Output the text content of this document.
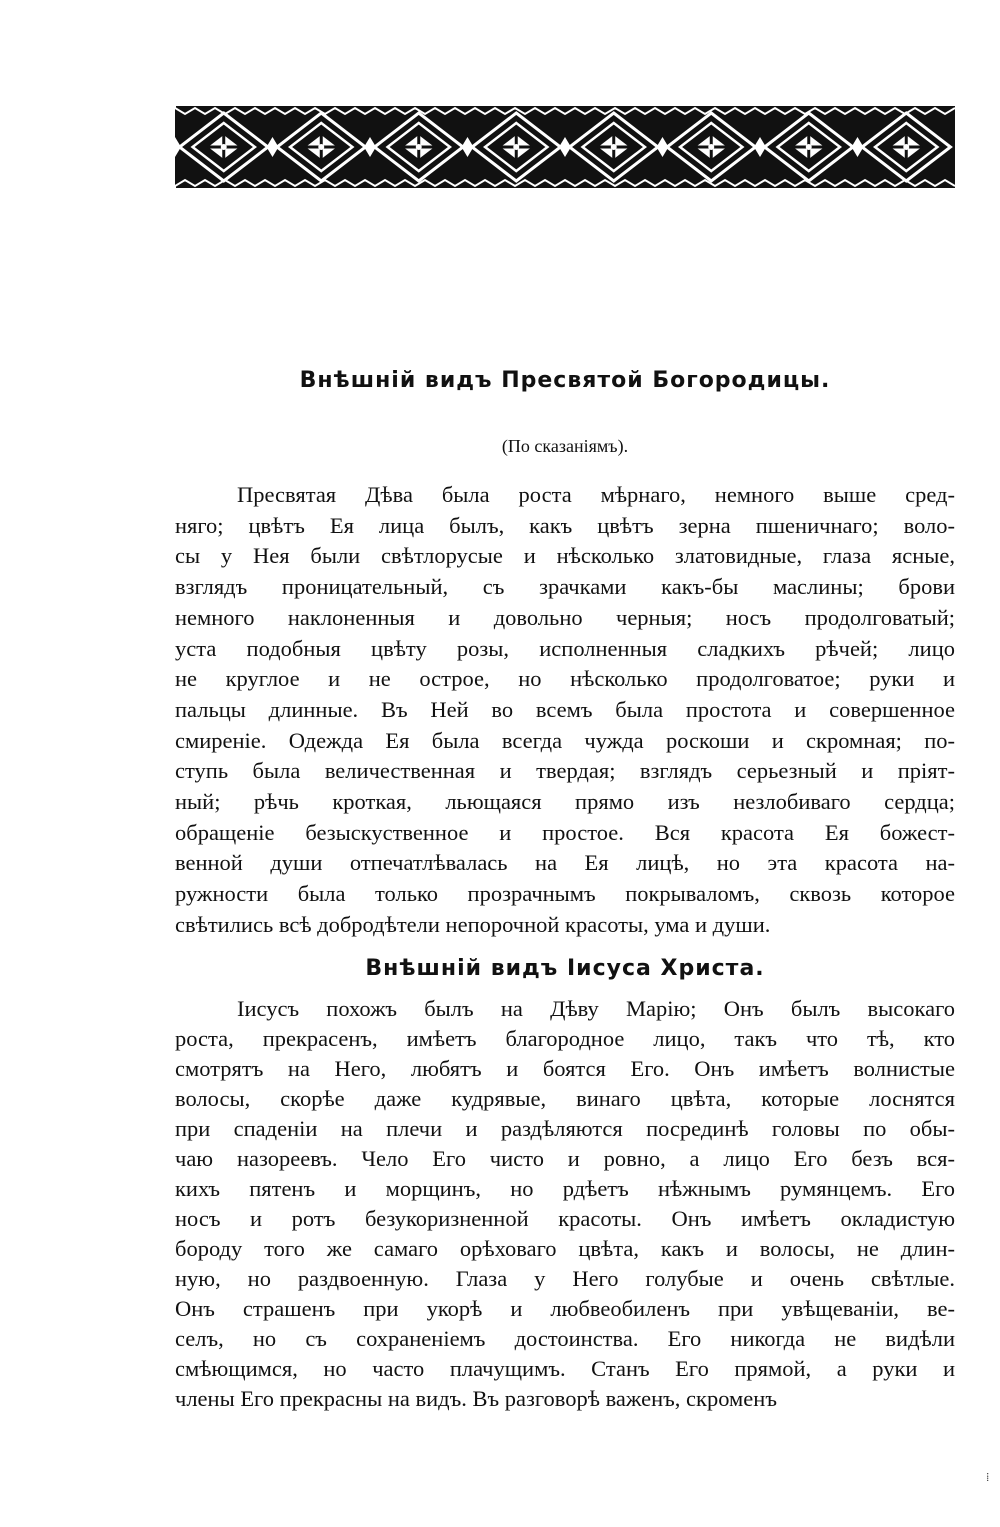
Внѣшній видъ Пресвятой Богородицы.
(По сказаніямъ).

Пресвятая Дѣва была роста мѣрнаго, немного выше сред-

няго; цвѣтъ Ея лица былъ, какъ цвѣтъ зерна пшеничнаго; воло-

сы у Нея были свѣтлорусые и нѣсколько златовидные, глаза ясные,

взглядъ проницательный, съ зрачками какъ-бы маслины; брови

немного наклоненныя и довольно черныя; носъ продолговатый;

уста подобныя цвѣту розы, исполненныя сладкихъ рѣчей; лицо

не круглое и не острое, но нѣсколько продолговатое; руки и

пальцы длинные. Въ Ней во всемъ была простота и совершенное

смиреніе. Одежда Ея была всегда чужда роскоши и скромная; по-

ступь была величественная и твердая; взглядъ серьезный и пріят-

ный; рѣчь кроткая, льющаяся прямо изъ незлобиваго сердца;

обращеніе безыскуственное и простое. Вся красота Ея божест-

венной души отпечатлѣвалась на Ея лицѣ, но эта красота на-

ружности была только прозрачнымъ покрываломъ, сквозь которое

свѣтились всѣ добродѣтели непорочной красоты, ума и души.

Внѣшній видъ Іисуса Христа.

Іисусъ похожъ былъ на Дѣву Марію; Онъ былъ высокаго

роста, прекрасенъ, имѣетъ благородное лицо, такъ что тѣ, кто

смотрятъ на Него, любятъ и боятся Его. Онъ имѣетъ волнистые

волосы, скорѣе даже кудрявые, винаго цвѣта, которые лоснятся

при спаденіи на плечи и раздѣляются посрединѣ головы по обы-

чаю назореевъ. Чело Его чисто и ровно, а лицо Его безъ вся-

кихъ пятенъ и морщинъ, но рдѣетъ нѣжнымъ румянцемъ. Его

носъ и ротъ безукоризненной красоты. Онъ имѣетъ окладистую

бороду того же самаго орѣховаго цвѣта, какъ и волосы, не длин-

ную, но раздвоенную. Глаза у Него голубые и очень свѣтлые.

Онъ страшенъ при укорѣ и любвеобиленъ при увѣщеваніи, ве-

селъ, но съ сохраненіемъ достоинства. Его никогда не видѣли

смѣющимся, но часто плачущимъ. Станъ Его прямой, а руки и

члены Его прекрасны на видъ. Въ разговорѣ важенъ, скроменъ

⁞
